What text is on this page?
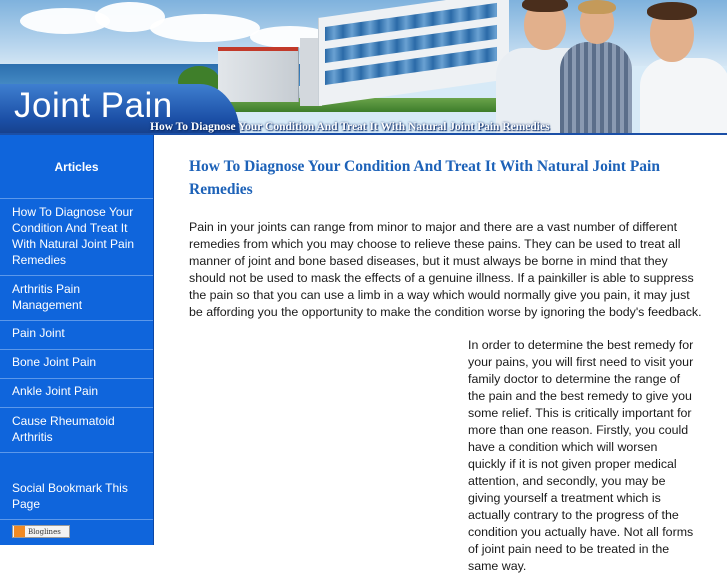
Joint Pain
How To Diagnose Your Condition And Treat It With Natural Joint Pain Remedies
Articles
How To Diagnose Your Condition And Treat It With Natural Joint Pain Remedies
Arthritis Pain Management
Pain Joint
Bone Joint Pain
Ankle Joint Pain
Cause Rheumatoid Arthritis
Social Bookmark This Page
Bloglines
How To Diagnose Your Condition And Treat It With Natural Joint Pain Remedies

Pain in your joints can range from minor to major and there are a vast number of different remedies from which you may choose to relieve these pains. They can be used to treat all manner of joint and bone based diseases, but it must always be borne in mind that they should not be used to mask the effects of a genuine illness. If a painkiller is able to suppress the pain so that you can use a limb in a way which would normally give you pain, it may just be affording you the opportunity to make the condition worse by ignoring the body's feedback.

In order to determine the best remedy for your pains, you will first need to visit your family doctor to determine the range of the pain and the best remedy to give you some relief. This is critically important for more than one reason. Firstly, you could have a condition which will worsen quickly if it is not given proper medical attention, and secondly, you may be giving yourself a treatment which is actually contrary to the progress of the condition you actually have. Not all forms of joint pain need to be treated in the same way.
